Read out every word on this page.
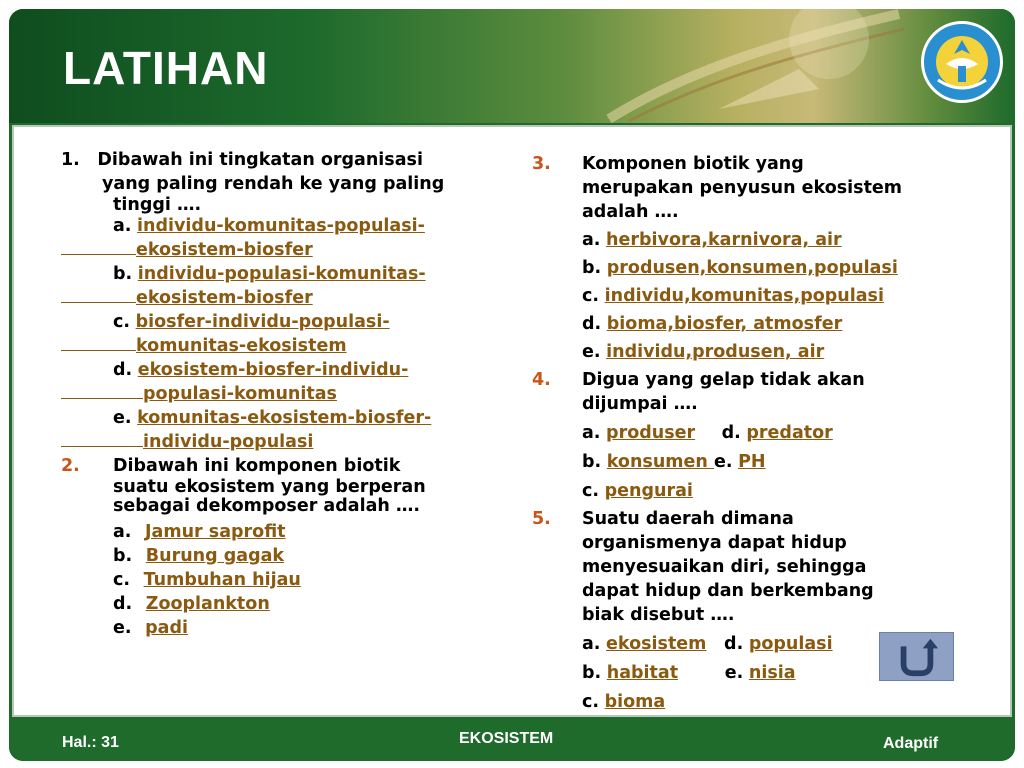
LATIHAN
Hal.: 31	EKOSISTEM	Adaptif
1. Dibawah ini tingkatan organisasi
yang paling rendah ke yang paling
tinggi ….
a. individu-komunitas-populasi-
ekosistem-biosfer
b. individu-populasi-komunitas-
ekosistem-biosfer
c. biosfer-individu-populasi-
komunitas-ekosistem
d. ekosistem-biosfer-individu-
populasi-komunitas
e. komunitas-ekosistem-biosfer-
individu-populasi
2. Dibawah ini komponen biotik
suatu ekosistem yang berperan
sebagai dekomposer adalah ….
a. Jamur saprofit
b. Burung gagak
c. Tumbuhan hijau
d. Zooplankton
e. padi
3. Komponen biotik yang
merupakan penyusun ekosistem
adalah ….
a. herbivora,karnivora, air
b. produsen,konsumen,populasi
c. individu,komunitas,populasi
d. bioma,biosfer, atmosfer
e. individu,produsen, air
4. Digua yang gelap tidak akan
dijumpai ….
a. produser d. predator
b. konsumen e. PH
c. pengurai
5. Suatu daerah dimana
organismenya dapat hidup
menyesuaikan diri, sehingga
dapat hidup dan berkembang
biak disebut ….
a. ekosistem d. populasi
b. habitat	e. nisia
c. bioma
